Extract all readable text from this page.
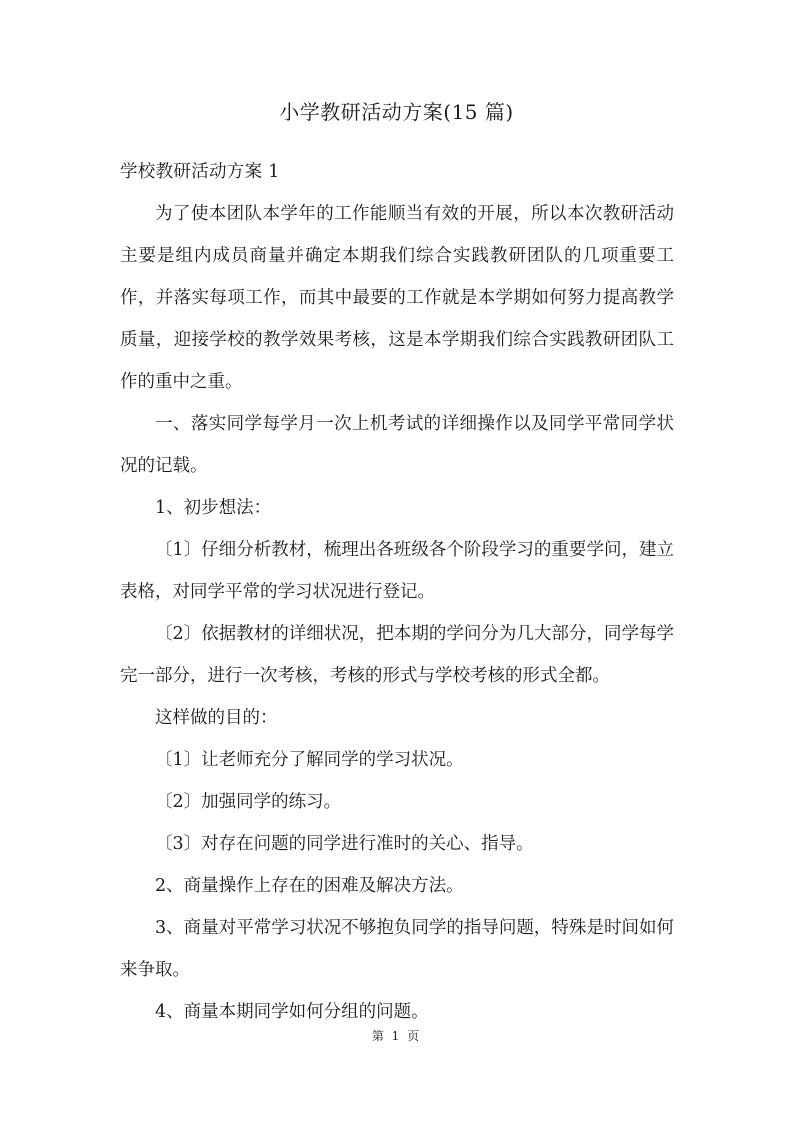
小学教研活动方案(15 篇)

学校教研活动方案 1

为了使本团队本学年的工作能顺当有效的开展，所以本次教研活动主要是组内成员商量并确定本期我们综合实践教研团队的几项重要工作，并落实每项工作，而其中最要的工作就是本学期如何努力提高教学质量，迎接学校的教学效果考核，这是本学期我们综合实践教研团队工作的重中之重。

一、落实同学每学月一次上机考试的详细操作以及同学平常同学状况的记载。

1、初步想法：

〔1〕仔细分析教材，梳理出各班级各个阶段学习的重要学问，建立表格，对同学平常的学习状况进行登记。

〔2〕依据教材的详细状况，把本期的学问分为几大部分，同学每学完一部分，进行一次考核，考核的形式与学校考核的形式全都。

这样做的目的：

〔1〕让老师充分了解同学的学习状况。

〔2〕加强同学的练习。

〔3〕对存在问题的同学进行准时的关心、指导。

2、商量操作上存在的困难及解决方法。

3、商量对平常学习状况不够抱负同学的指导问题，特殊是时间如何来争取。

4、商量本期同学如何分组的问题。

第 1 页
